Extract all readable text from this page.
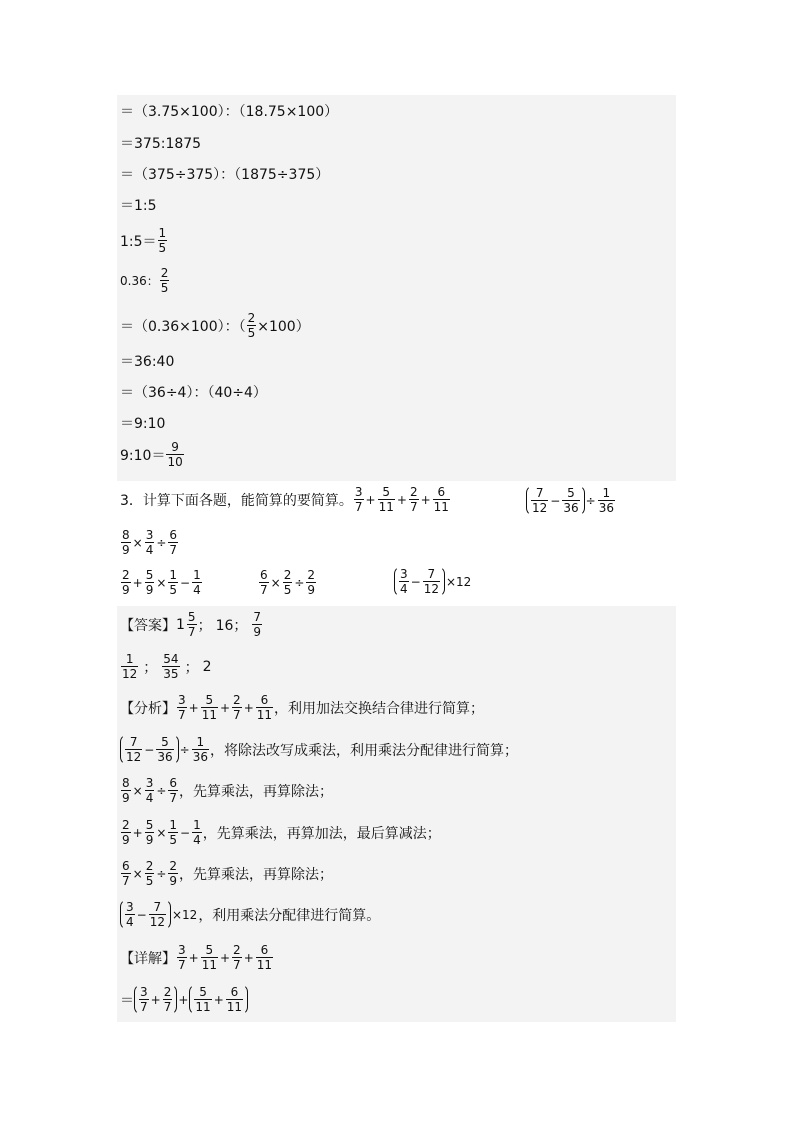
＝（3.75×100）：（18.75×100）
＝375:1875
＝（375÷375）：（1875÷375）
＝1:5
1:5＝ $\frac{1}{5}$
0.36： $\frac{2}{5}$
＝（0.36×100）：（ $\frac{2}{5} \times 100$）
＝36:40
＝（36÷4）：（40÷4）
＝9:10
9:10＝ $\frac{9}{10}$
3．计算下面各题，能简算的要简算。 $\frac{3}{7} + \frac{5}{11} + \frac{2}{7} + \frac{6}{11}$	$\frac{7}{12} - \frac{5}{36} \div \frac{1}{36}$
$\frac{8}{9} \times \frac{3}{4} \div \frac{6}{7}$
$\frac{2}{9} + \frac{5}{9} \times \frac{1}{5} - \frac{1}{4}$	$\frac{6}{7} \times \frac{2}{5} \div \frac{2}{9}$	$\frac{3}{4} - \frac{7}{12} \times 12$
【答案】 $1 \frac{5}{7}$ ； 16； $\frac{7}{9}$
$\frac{1}{12}$ ； $\frac{54}{35}$ ； 2
【分析】 $\frac{3}{7} + \frac{5}{11} + \frac{2}{7} + \frac{6}{11}$ ，利用加法交换结合律进行简算；
$\frac{7}{12} - \frac{5}{36} \div \frac{1}{36}$ ，将除法改写成乘法，利用乘法分配律进行简算；
$\frac{8}{9} \times \frac{3}{4} \div \frac{6}{7}$ ，先算乘法，再算除法；
$\frac{2}{9} + \frac{5}{9} \times \frac{1}{5} - \frac{1}{4}$ ，先算乘法，再算加法，最后算减法；
$\frac{6}{7} \times \frac{2}{5} \div \frac{2}{9}$ ，先算乘法，再算除法；
$\frac{3}{4} - \frac{7}{12} \times 12$ ，利用乘法分配律进行简算。
【详解】 $\frac{3}{7} + \frac{5}{11} + \frac{2}{7} + \frac{6}{11}$
＝ $\frac{3}{7} + \frac{2}{7} + \frac{5}{11} + \frac{6}{11}$
